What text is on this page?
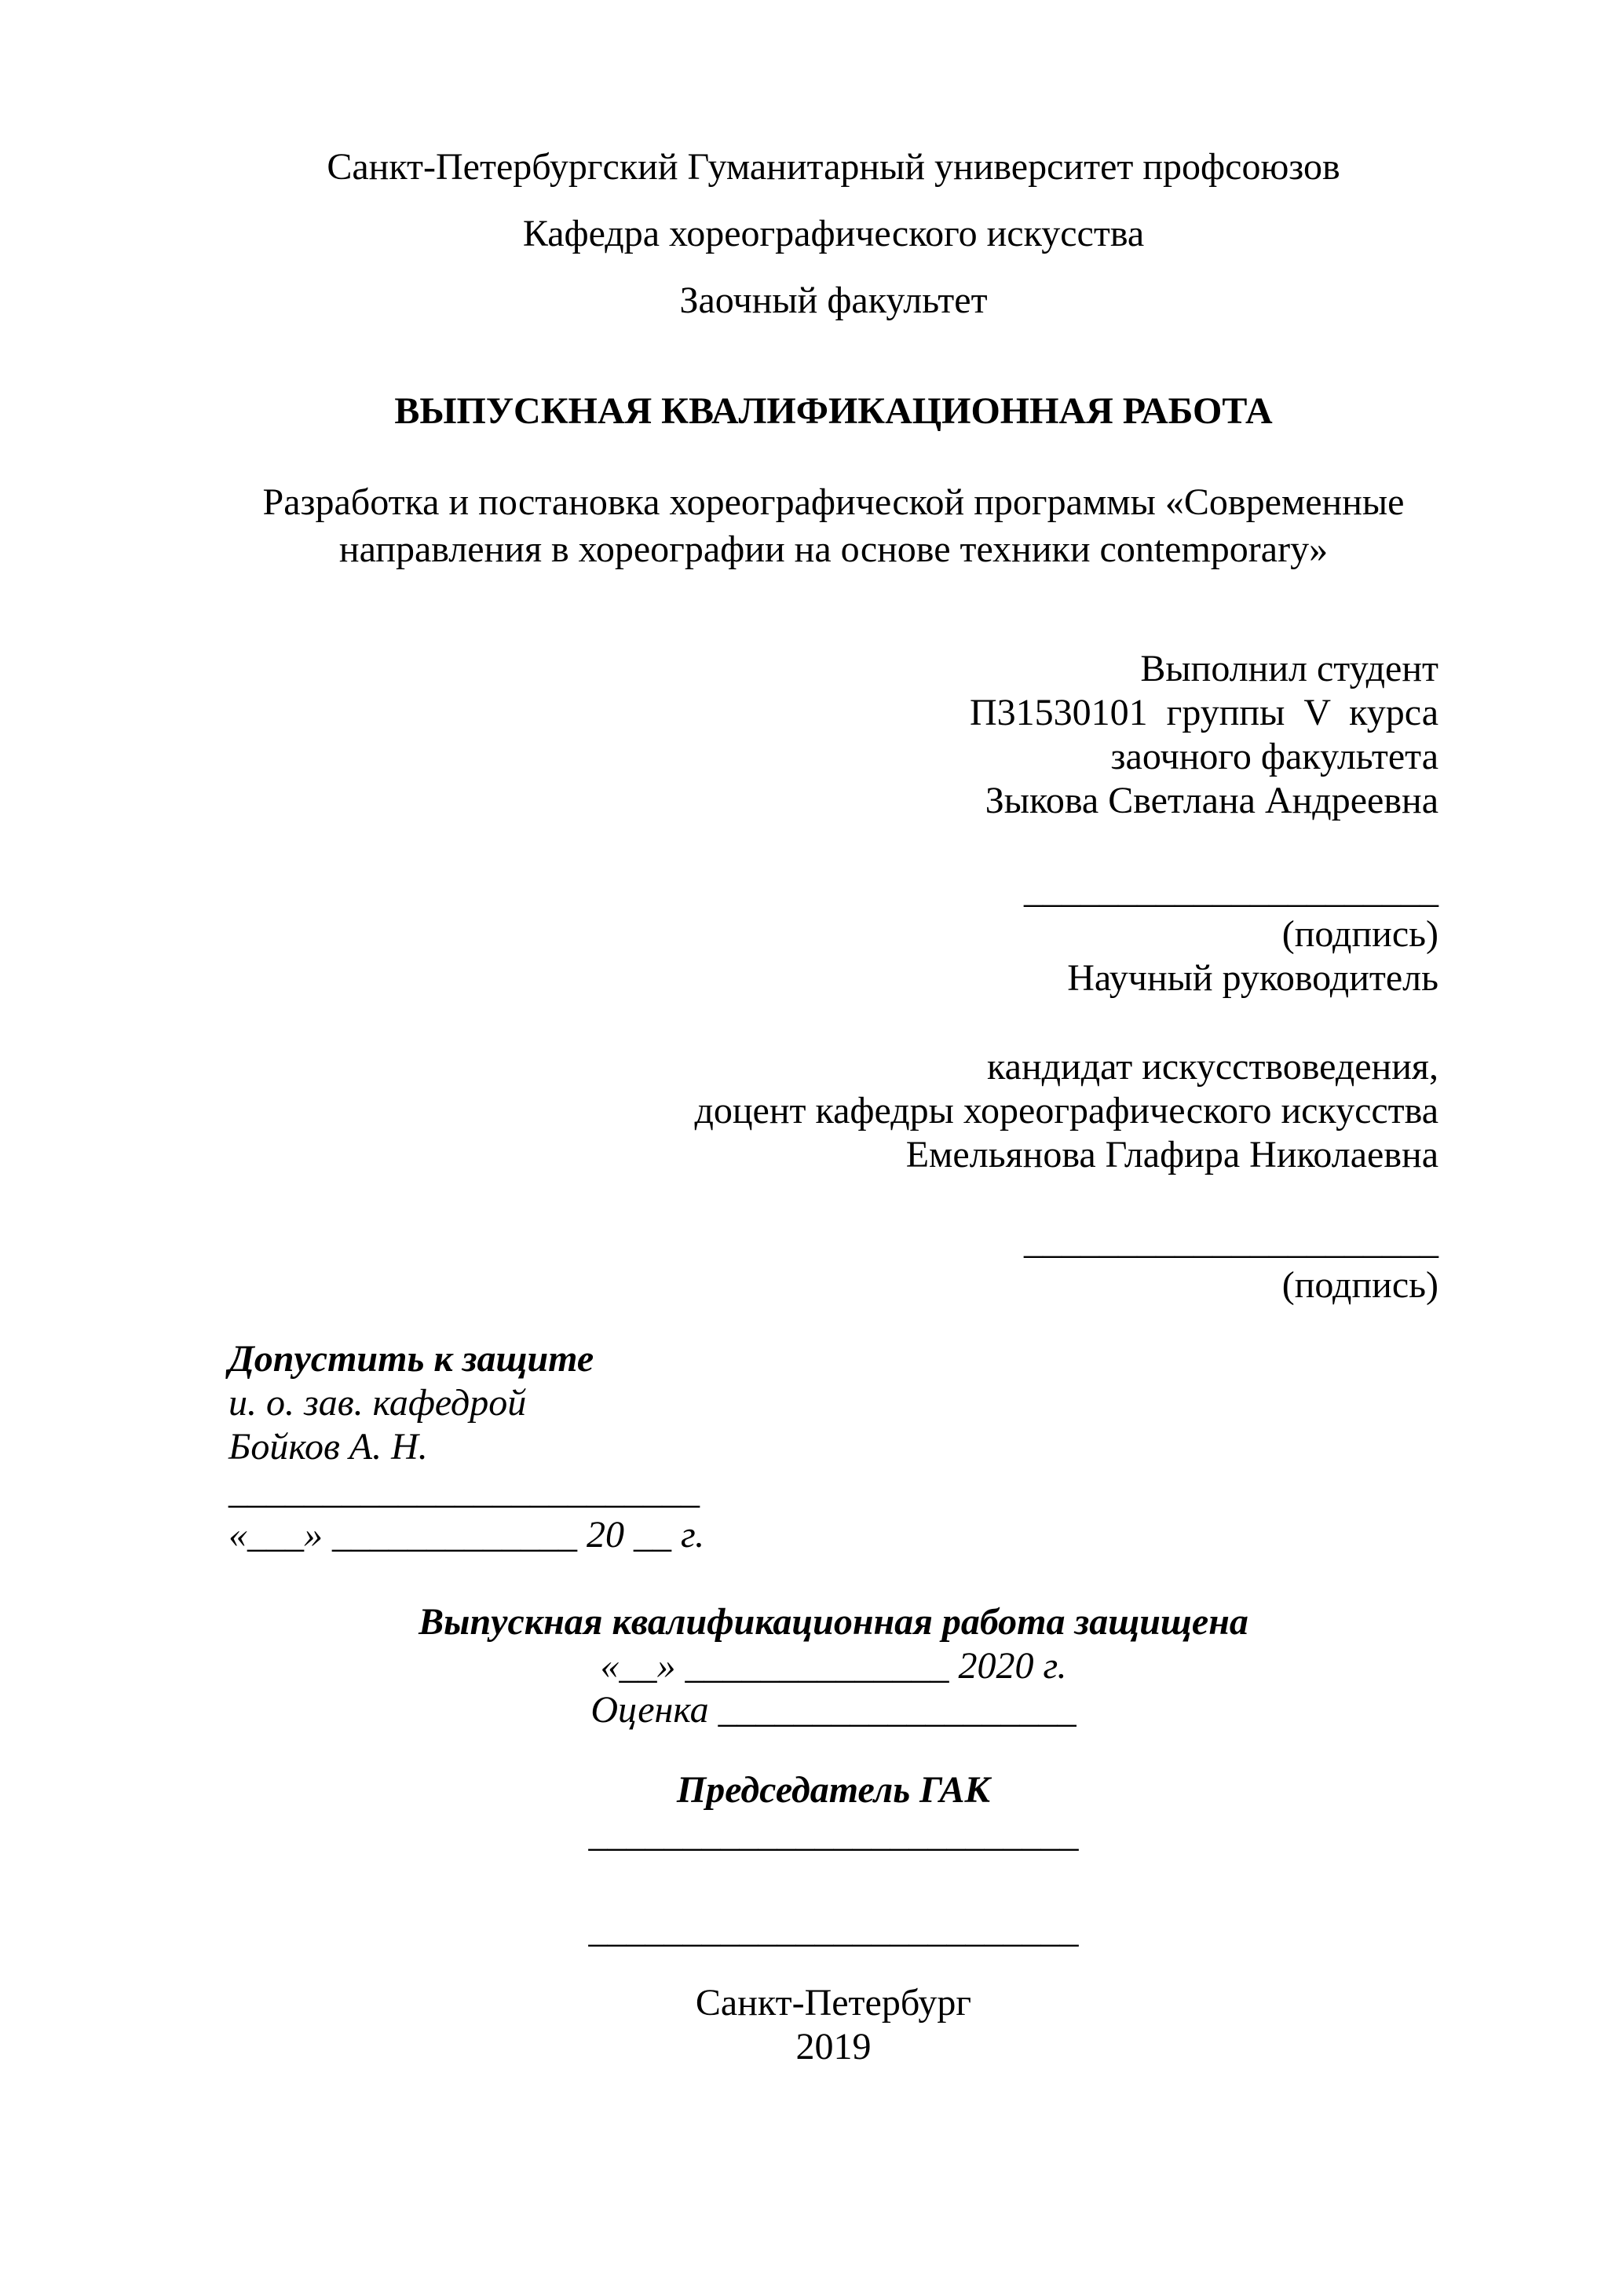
Санкт-Петербургский Гуманитарный университет профсоюзов

Кафедра хореографического искусства

Заочный факультет

ВЫПУСКНАЯ КВАЛИФИКАЦИОННАЯ РАБОТА

Разработка и постановка хореографической программы «Современные направления в хореографии на основе техники contemporary»

Выполнил студент

П31530101  группы  V  курса

заочного факультета

Зыкова Светлана Андреевна

______________________

(подпись)

Научный руководитель

кандидат искусствоведения,

доцент кафедры хореографического искусства

Емельянова Глафира Николаевна

______________________

(подпись)

Допустить к защите

и. о. зав. кафедрой

Бойков А. Н.

_________________________

«___» _____________ 20 __ г.

Выпускная квалификационная работа защищена

«__» ______________ 2020 г.

Оценка ___________________

Председатель ГАК

__________________________

__________________________

Санкт-Петербург

2019
